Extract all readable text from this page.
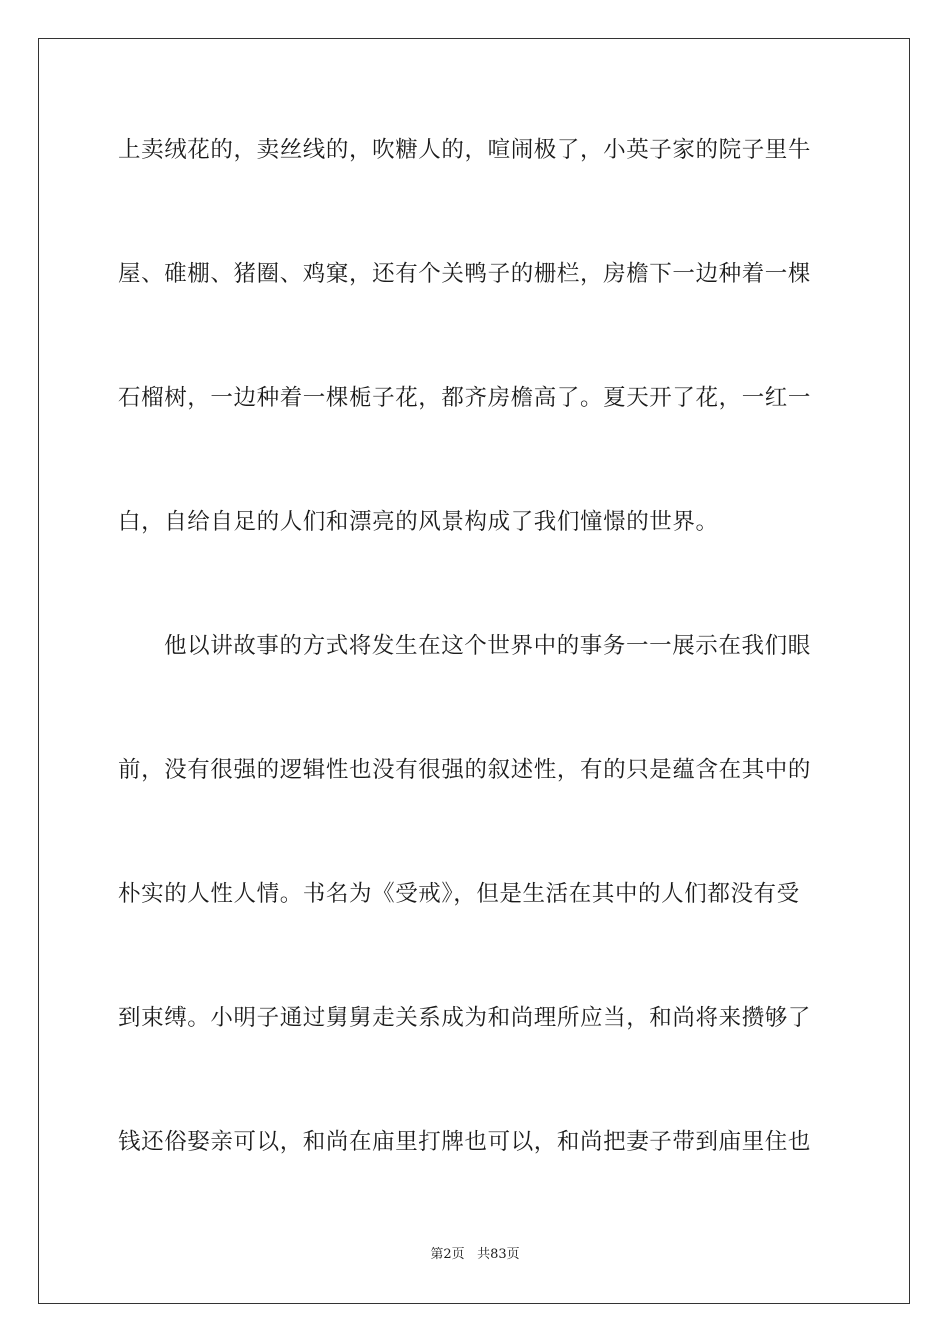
上卖绒花的，卖丝线的，吹糖人的，喧闹极了，小英子家的院子里牛
屋、碓棚、猪圈、鸡窠，还有个关鸭子的栅栏，房檐下一边种着一棵
石榴树，一边种着一棵栀子花，都齐房檐高了。夏天开了花，一红一
白，自给自足的人们和漂亮的风景构成了我们憧憬的世界。
他以讲故事的方式将发生在这个世界中的事务一一展示在我们眼
前，没有很强的逻辑性也没有很强的叙述性，有的只是蕴含在其中的
朴实的人性人情。书名为《受戒》，但是生活在其中的人们都没有受
到束缚。小明子通过舅舅走关系成为和尚理所应当，和尚将来攒够了
钱还俗娶亲可以，和尚在庙里打牌也可以，和尚把妻子带到庙里住也
第2页 共83页
